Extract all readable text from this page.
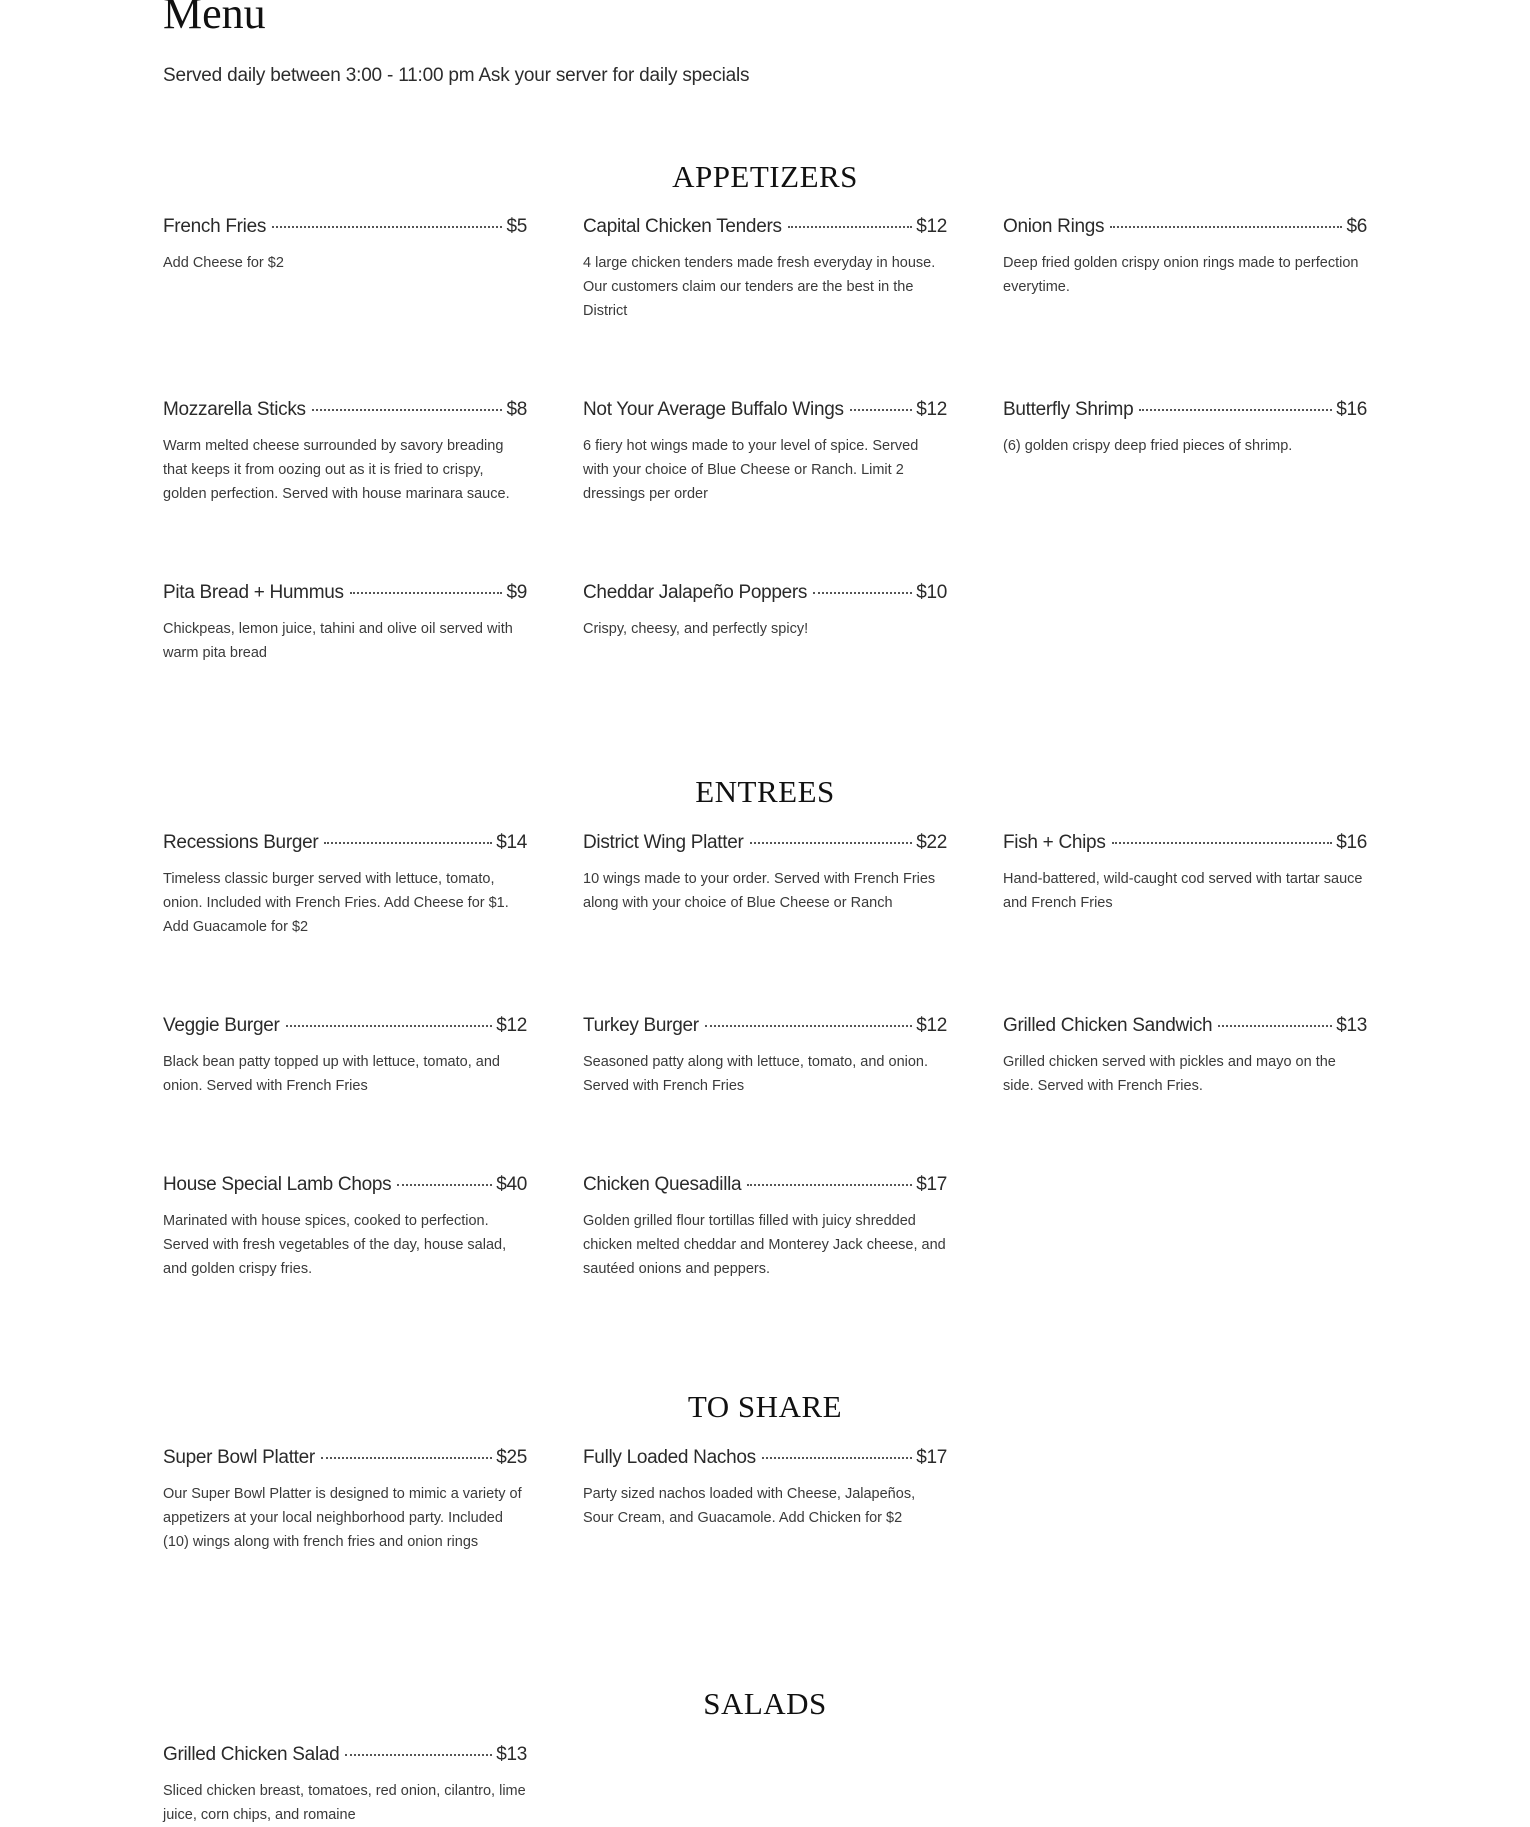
Menu

Served daily between 3:00 - 11:00 pm Ask your server for daily specials

APPETIZERS
French Fries	$5
Add Cheese for $2
Capital Chicken Tenders	$12
4 large chicken tenders made fresh everyday in house. Our customers claim our tenders are the best in the District
Onion Rings	$6
Deep fried golden crispy onion rings made to perfection everytime.
Mozzarella Sticks	$8
Warm melted cheese surrounded by savory breading that keeps it from oozing out as it is fried to crispy, golden perfection. Served with house marinara sauce.
Not Your Average Buffalo Wings	$12
6 fiery hot wings made to your level of spice. Served with your choice of Blue Cheese or Ranch. Limit 2 dressings per order
Butterfly Shrimp	$16
(6) golden crispy deep fried pieces of shrimp.
Pita Bread + Hummus	$9
Chickpeas, lemon juice, tahini and olive oil served with warm pita bread
Cheddar Jalapeño Poppers	$10
Crispy, cheesy, and perfectly spicy!
ENTREES
Recessions Burger	$14
Timeless classic burger served with lettuce, tomato, onion. Included with French Fries. Add Cheese for $1. Add Guacamole for $2
District Wing Platter	$22
10 wings made to your order. Served with French Fries along with your choice of Blue Cheese or Ranch
Fish + Chips	$16
Hand-battered, wild-caught cod served with tartar sauce and French Fries
Veggie Burger	$12
Black bean patty topped up with lettuce, tomato, and onion. Served with French Fries
Turkey Burger	$12
Seasoned patty along with lettuce, tomato, and onion. Served with French Fries
Grilled Chicken Sandwich	$13
Grilled chicken served with pickles and mayo on the side. Served with French Fries.
House Special Lamb Chops	$40
Marinated with house spices, cooked to perfection. Served with fresh vegetables of the day, house salad, and golden crispy fries.
Chicken Quesadilla	$17
Golden grilled flour tortillas filled with juicy shredded chicken melted cheddar and Monterey Jack cheese, and sautéed onions and peppers.
TO SHARE
Super Bowl Platter	$25
Our Super Bowl Platter is designed to mimic a variety of appetizers at your local neighborhood party. Included (10) wings along with french fries and onion rings
Fully Loaded Nachos	$17
Party sized nachos loaded with Cheese, Jalapeños, Sour Cream, and Guacamole. Add Chicken for $2
SALADS
Grilled Chicken Salad	$13
Sliced chicken breast, tomatoes, red onion, cilantro, lime juice, corn chips, and romaine
